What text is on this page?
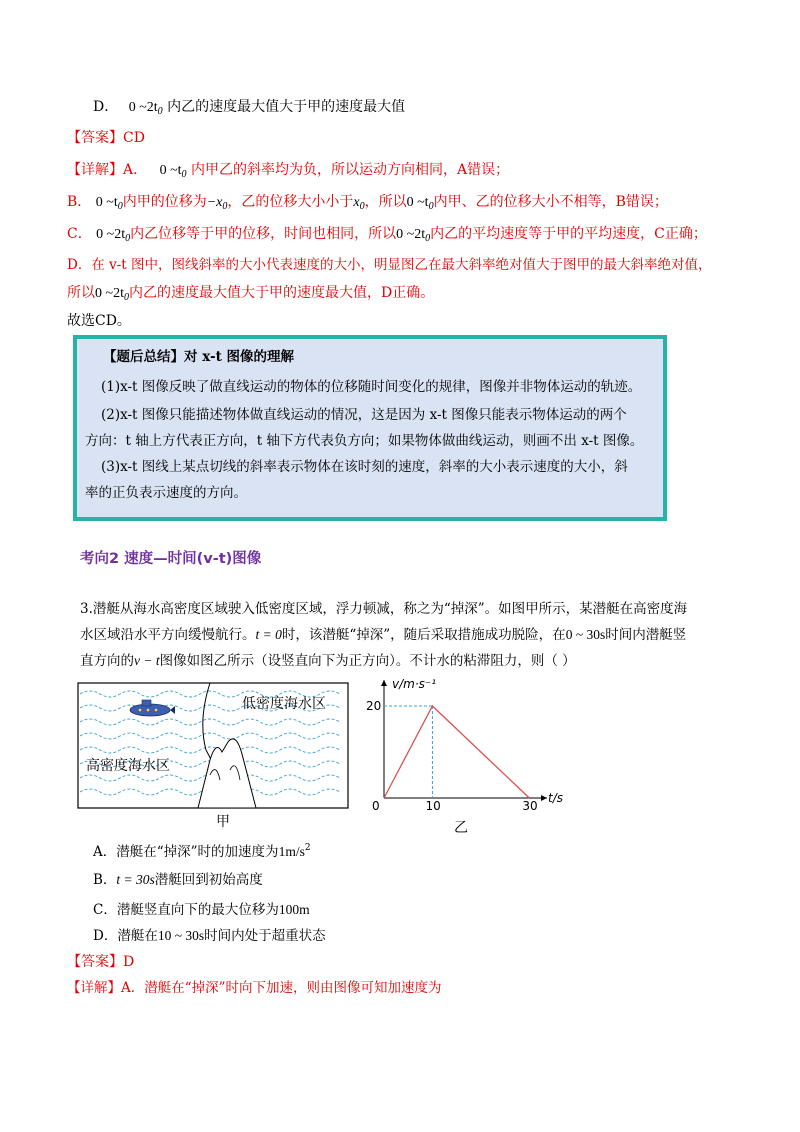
D． 0 $\sim 2t_0$ 内乙的速度最大值大于甲的速度最大值
【答案】CD
【详解】A． 0 $\sim t_0$ 内甲乙的斜率均为负，所以运动方向相同，A错误；
B． 0 $\sim t_0$内甲的位移为$-x_0$，乙的位移大小小于$x_0$，所以0 $\sim t_0$内甲、乙的位移大小不相等，B错误；
C． 0 $\sim 2t_0$内乙位移等于甲的位移，时间也相同，所以0 $\sim 2t_0$内乙的平均速度等于甲的平均速度，C正确；
D．在 v-t 图中，图线斜率的大小代表速度的大小，明显图乙在最大斜率绝对值大于图甲的最大斜率绝对值，
所以0 $\sim 2t_0$内乙的速度最大值大于甲的速度最大值，D正确。
故选CD。
【题后总结】对 x-t 图像的理解
(1)x-t 图像反映了做直线运动的物体的位移随时间变化的规律，图像并非物体运动的轨迹。
(2)x-t 图像只能描述物体做直线运动的情况，这是因为 x-t 图像只能表示物体运动的两个
方向：t 轴上方代表正方向，t 轴下方代表负方向；如果物体做曲线运动，则画不出 x-t 图像。
(3)x-t 图线上某点切线的斜率表示物体在该时刻的速度，斜率的大小表示速度的大小，斜
率的正负表示速度的方向。
考向2 速度—时间(v-t)图像
3.潜艇从海水高密度区域驶入低密度区域，浮力顿减，称之为“掉深”。如图甲所示，某潜艇在高密度海
水区域沿水平方向缓慢航行。t = 0时，该潜艇“掉深”，随后采取措施成功脱险，在0 ~ 30s时间内潜艇竖
直方向的v − t图像如图乙所示（设竖直向下为正方向）。不计水的粘滞阻力，则（ ）
低密度海水区
高密度海水区
甲
0	10	30
20
v/m·s⁻¹
t/s
乙
A．潜艇在“掉深”时的加速度为$1m/s^2$
B．t = 30s潜艇回到初始高度
C．潜艇竖直向下的最大位移为100m
D．潜艇在10 ~ 30s时间内处于超重状态
【答案】D
【详解】A．潜艇在“掉深”时向下加速，则由图像可知加速度为
